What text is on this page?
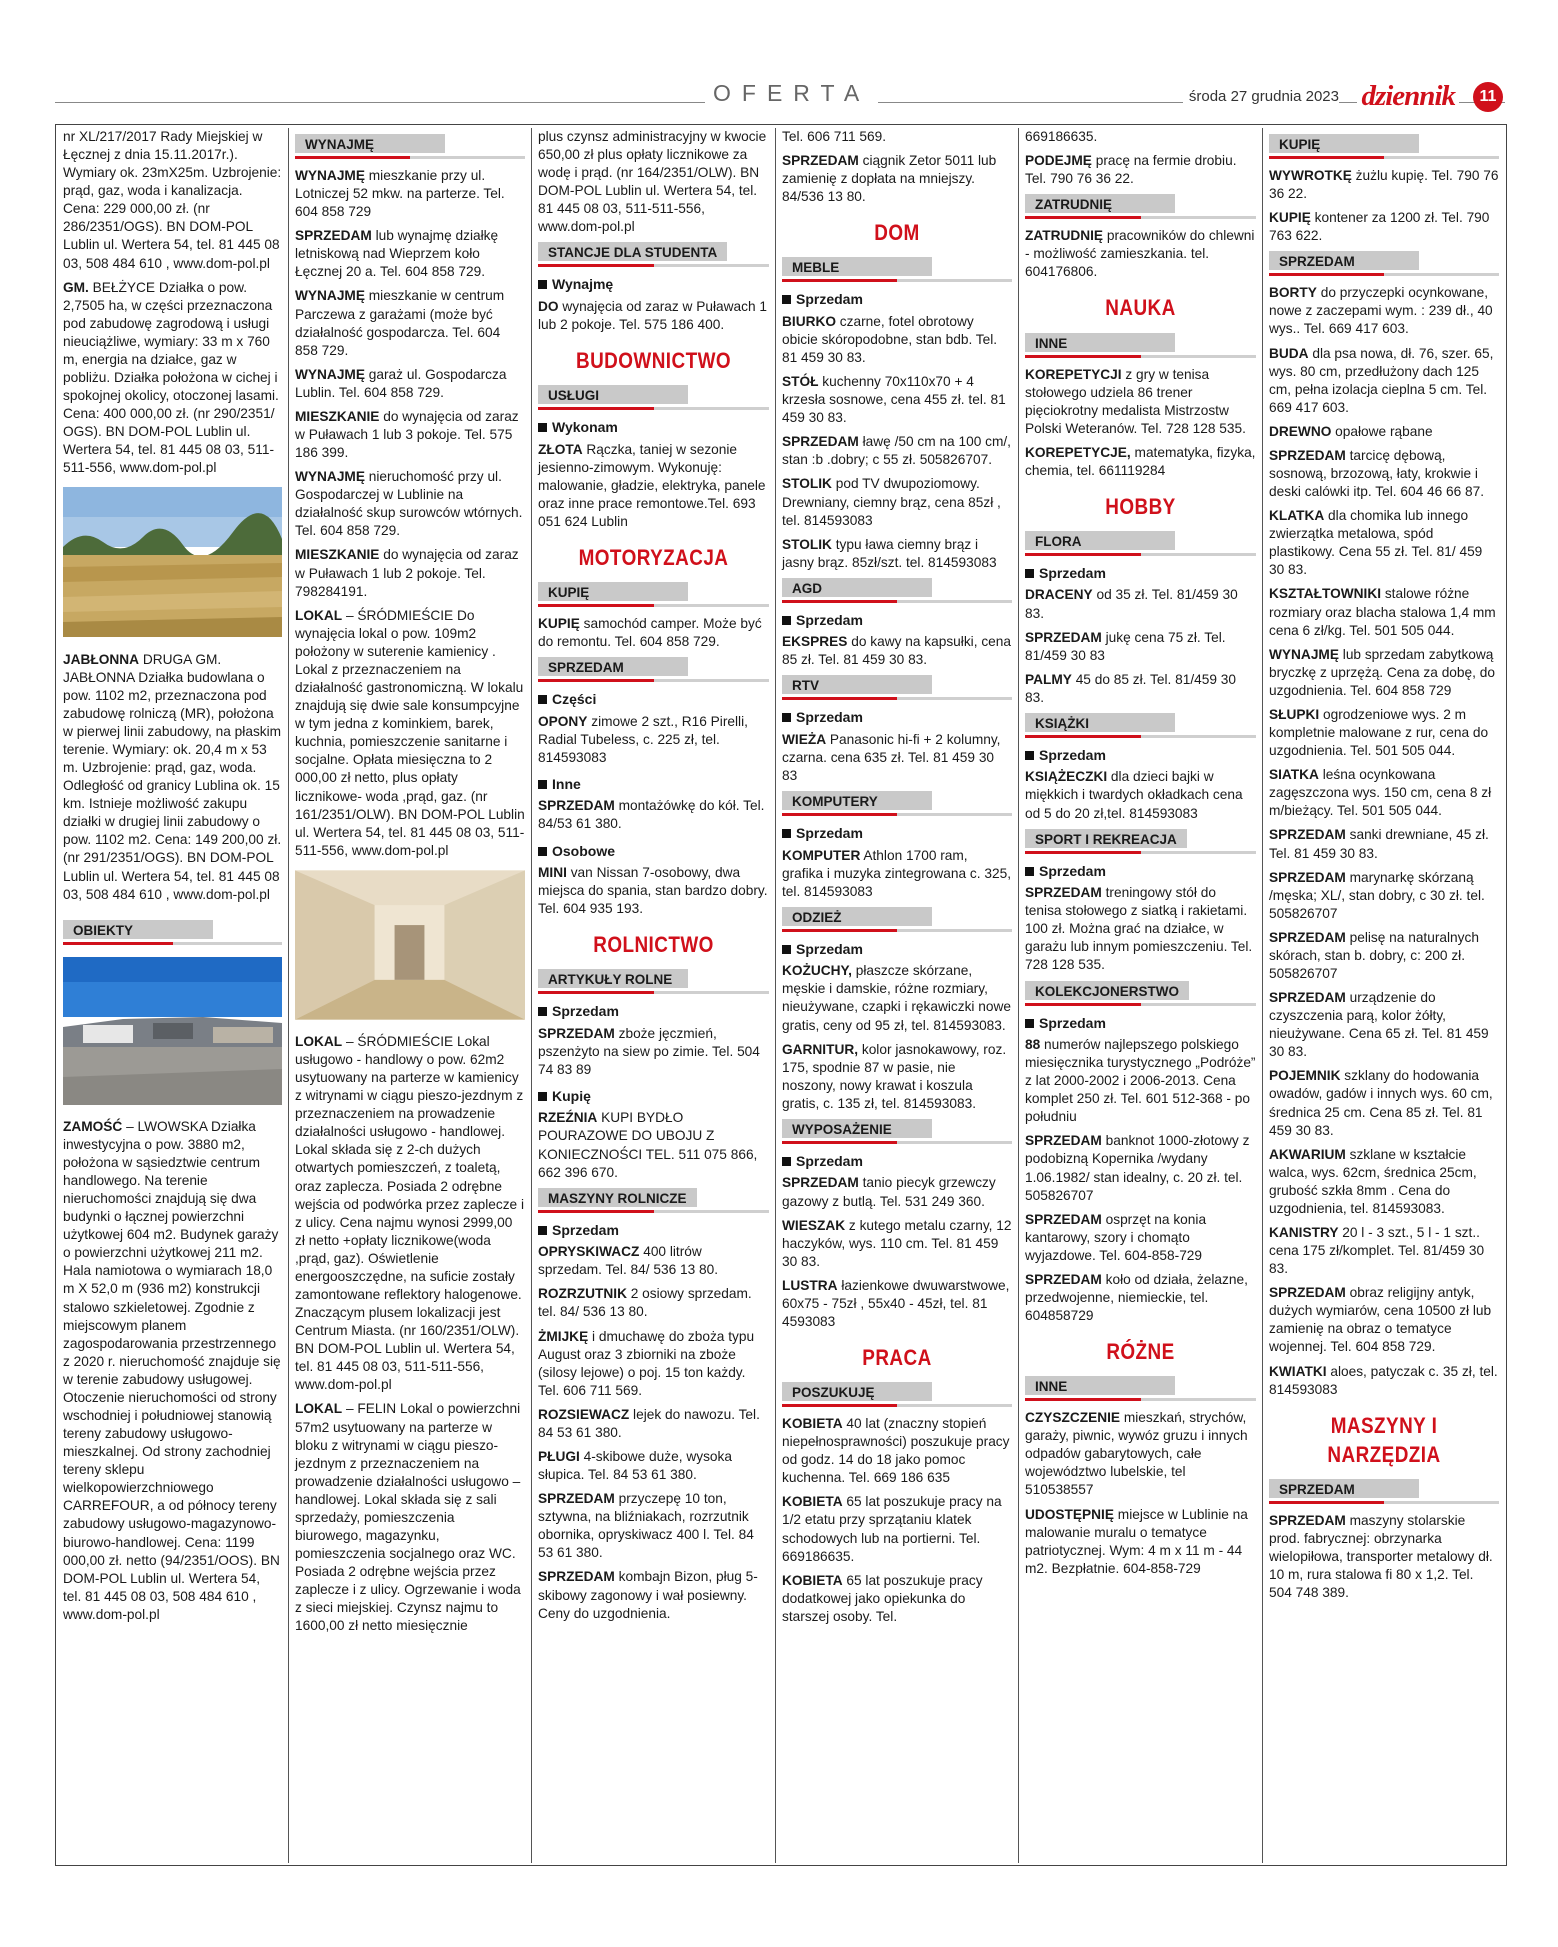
OFERTA	środa 27 grudnia 2023 dziennik	11

nr XL/217/2017 Rady Miejskiej w Łęcznej z dnia 15.11.2017r.). Wymiary ok. 23mX25m. Uzbrojenie: prąd, gaz, woda i kanalizacja. Cena: 229 000,00 zł. (nr 286/2351/OGS). BN DOM-POL Lublin ul. Wertera 54, tel. 81 445 08 03, 508 484 610 , www.dom-pol.pl

GM. BEŁŻYCE Działka o pow. 2,7505 ha, w części przeznaczona pod zabudowę zagrodową i usługi nieuciążliwe, wymiary: 33 m x 760 m, energia na działce, gaz w pobliżu. Działka położona w cichej i spokojnej okolicy, otoczonej lasami. Cena: 400 000,00 zł. (nr 290/2351/ OGS). BN DOM-POL Lublin ul. Wertera 54, tel. 81 445 08 03, 511-511-556, www.dom-pol.pl

JABŁONNA DRUGA GM. JABŁONNA Działka budowlana o pow. 1102 m2, przeznaczona pod zabudowę rolniczą (MR), położona w pierwej linii zabudowy, na płaskim terenie. Wymiary: ok. 20,4 m x 53 m. Uzbrojenie: prąd, gaz, woda. Odległość od granicy Lublina ok. 15 km. Istnieje możliwość zakupu działki w drugiej linii zabudowy o pow. 1102 m2. Cena: 149 200,00 zł. (nr 291/2351/OGS). BN DOM-POL Lublin ul. Wertera 54, tel. 81 445 08 03, 508 484 610 , www.dom-pol.pl

OBIEKTY

ZAMOŚĆ – LWOWSKA Działka inwestycyjna o pow. 3880 m2, położona w sąsiedztwie centrum handlowego. Na terenie nieruchomości znajdują się dwa budynki o łącznej powierzchni użytkowej 604 m2. Budynek garaży o powierzchni użytkowej 211 m2. Hala namiotowa o wymiarach 18,0 m X 52,0 m (936 m2) konstrukcji stalowo szkieletowej. Zgodnie z miejscowym planem zagospodarowania przestrzennego z 2020 r. nieruchomość znajduje się w terenie zabudowy usługowej. Otoczenie nieruchomości od strony wschodniej i południowej stanowią tereny zabudowy usługowo-mieszkalnej. Od strony zachodniej tereny sklepu wielkopowierzchniowego CARREFOUR, a od północy tereny zabudowy usługowo-magazynowo-biurowo-handlowej. Cena: 1199 000,00 zł. netto (94/2351/OOS). BN DOM-POL Lublin ul. Wertera 54, tel. 81 445 08 03, 508 484 610 , www.dom-pol.pl

WYNAJMĘ

WYNAJMĘ mieszkanie przy ul. Lotniczej 52 mkw. na parterze. Tel. 604 858 729

SPRZEDAM lub wynajmę działkę letniskową nad Wieprzem koło Łęcznej 20 a. Tel. 604 858 729.

WYNAJMĘ mieszkanie w centrum Parczewa z garażami (może być działalność gospodarcza. Tel. 604 858 729.

WYNAJMĘ garaż ul. Gospodarcza Lublin. Tel. 604 858 729.

MIESZKANIE do wynajęcia od zaraz w Puławach 1 lub 3 pokoje. Tel. 575 186 399.

WYNAJMĘ nieruchomość przy ul. Gospodarczej w Lublinie na działalność skup surowców wtórnych. Tel. 604 858 729.

MIESZKANIE do wynajęcia od zaraz w Puławach 1 lub 2 pokoje. Tel. 798284191.

LOKAL – ŚRÓDMIEŚCIE Do wynajęcia lokal o pow. 109m2 położony w suterenie kamienicy . Lokal z przeznaczeniem na działalność gastronomiczną. W lokalu znajdują się dwie sale konsumpcyjne w tym jedna z kominkiem, barek, kuchnia, pomieszczenie sanitarne i socjalne. Opłata miesięczna to 2 000,00 zł netto, plus opłaty licznikowe- woda ,prąd, gaz. (nr 161/2351/OLW). BN DOM-POL Lublin ul. Wertera 54, tel. 81 445 08 03, 511-511-556, www.dom-pol.pl

LOKAL – ŚRÓDMIEŚCIE Lokal usługowo - handlowy o pow. 62m2 usytuowany na parterze w kamienicy z witrynami w ciągu pieszo-jezdnym z przeznaczeniem na prowadzenie działalności usługowo - handlowej. Lokal składa się z 2-ch dużych otwartych pomieszczeń, z toaletą, oraz zaplecza. Posiada 2 odrębne wejścia od podwórka przez zaplecze i z ulicy. Cena najmu wynosi 2999,00 zł netto +opłaty licznikowe(woda ,prąd, gaz). Oświetlenie energooszczędne, na suficie zostały zamontowane reflektory halogenowe. Znaczącym plusem lokalizacji jest Centrum Miasta. (nr 160/2351/OLW). BN DOM-POL Lublin ul. Wertera 54, tel. 81 445 08 03, 511-511-556, www.dom-pol.pl

LOKAL – FELIN Lokal o powierzchni 57m2 usytuowany na parterze w bloku z witrynami w ciągu pieszo-jezdnym z przeznaczeniem na prowadzenie działalności usługowo – handlowej. Lokal składa się z sali sprzedaży, pomieszczenia biurowego, magazynku, pomieszczenia socjalnego oraz WC. Posiada 2 odrębne wejścia przez zaplecze i z ulicy. Ogrzewanie i woda z sieci miejskiej. Czynsz najmu to 1600,00 zł netto miesięcznie

plus czynsz administracyjny w kwocie 650,00 zł plus opłaty licznikowe za wodę i prąd. (nr 164/2351/OLW). BN DOM-POL Lublin ul. Wertera 54, tel. 81 445 08 03, 511-511-556, www.dom-pol.pl

STANCJE DLA STUDENTA
Wynajmę

DO wynajęcia od zaraz w Puławach 1 lub 2 pokoje. Tel. 575 186 400.

BUDOWNICTWO
USŁUGI
Wykonam

ZŁOTA Rączka, taniej w sezonie jesienno-zimowym. Wykonuję: malowanie, gładzie, elektryka, panele oraz inne prace remontowe.Tel. 693 051 624 Lublin

MOTORYZACJA
KUPIĘ

KUPIĘ samochód camper. Może być do remontu. Tel. 604 858 729.

SPRZEDAM
Części

OPONY zimowe 2 szt., R16 Pirelli, Radial Tubeless, c. 225 zł, tel. 814593083

Inne

SPRZEDAM montażówkę do kół. Tel. 84/53 61 380.

Osobowe

MINI van Nissan 7-osobowy, dwa miejsca do spania, stan bardzo dobry. Tel. 604 935 193.

ROLNICTWO
ARTYKUŁY ROLNE
Sprzedam

SPRZEDAM zboże jęczmień, pszenżyto na siew po zimie. Tel. 504 74 83 89

Kupię

RZEŹNIA KUPI BYDŁO POURAZOWE DO UBOJU Z KONIECZNOŚCI TEL. 511 075 866, 662 396 670.

MASZYNY ROLNICZE
Sprzedam

OPRYSKIWACZ 400 litrów sprzedam. Tel. 84/ 536 13 80.

ROZRZUTNIK 2 osiowy sprzedam. tel. 84/ 536 13 80.

ŻMIJKĘ i dmuchawę do zboża typu August oraz 3 zbiorniki na zboże (silosy lejowe) o poj. 15 ton każdy. Tel. 606 711 569.

ROZSIEWACZ lejek do nawozu. Tel. 84 53 61 380.

PŁUGI 4-skibowe duże, wysoka słupica. Tel. 84 53 61 380.

SPRZEDAM przyczepę 10 ton, sztywna, na bliźniakach, rozrzutnik obornika, opryskiwacz 400 l. Tel. 84 53 61 380.

SPRZEDAM kombajn Bizon, pług 5-skibowy zagonowy i wał posiewny. Ceny do uzgodnienia.

Tel. 606 711 569.

SPRZEDAM ciągnik Zetor 5011 lub zamienię z dopłata na mniejszy. 84/536 13 80.

DOM
MEBLE
Sprzedam

BIURKO czarne, fotel obrotowy obicie skóropodobne, stan bdb. Tel. 81 459 30 83.

STÓŁ kuchenny 70x110x70 + 4 krzesła sosnowe, cena 455 zł. tel. 81 459 30 83.

SPRZEDAM ławę /50 cm na 100 cm/, stan :b .dobry; c 55 zł. 505826707.

STOLIK pod TV dwupoziomowy. Drewniany, ciemny brąz, cena 85zł , tel. 814593083

STOLIK typu ława ciemny brąz i jasny brąz. 85zł/szt. tel. 814593083

AGD
Sprzedam

EKSPRES do kawy na kapsułki, cena 85 zł. Tel. 81 459 30 83.

RTV
Sprzedam

WIEŻA Panasonic hi-fi + 2 kolumny, czarna. cena 635 zł. Tel. 81 459 30 83

KOMPUTERY
Sprzedam

KOMPUTER Athlon 1700 ram, grafika i muzyka zintegrowana c. 325, tel. 814593083

ODZIEŻ
Sprzedam

KOŻUCHY, płaszcze skórzane, męskie i damskie, różne rozmiary, nieużywane, czapki i rękawiczki nowe gratis, ceny od 95 zł, tel. 814593083.

GARNITUR, kolor jasnokawowy, roz. 175, spodnie 87 w pasie, nie noszony, nowy krawat i koszula gratis, c. 135 zł, tel. 814593083.

WYPOSAŻENIE
Sprzedam

SPRZEDAM tanio piecyk grzewczy gazowy z butlą. Tel. 531 249 360.

WIESZAK z kutego metalu czarny, 12 haczyków, wys. 110 cm. Tel. 81 459 30 83.

LUSTRA łazienkowe dwuwarstwowe, 60x75 - 75zł , 55x40 - 45zł, tel. 81 4593083

PRACA
POSZUKUJĘ

KOBIETA 40 lat (znaczny stopień niepełnosprawności) poszukuje pracy od godz. 14 do 18 jako pomoc kuchenna. Tel. 669 186 635

KOBIETA 65 lat poszukuje pracy na 1/2 etatu przy sprzątaniu klatek schodowych lub na portierni. Tel. 669186635.

KOBIETA 65 lat poszukuje pracy dodatkowej jako opiekunka do starszej osoby. Tel.

669186635.

PODEJMĘ pracę na fermie drobiu. Tel. 790 76 36 22.

ZATRUDNIĘ

ZATRUDNIĘ pracowników do chlewni - możliwość zamieszkania. tel. 604176806.

NAUKA
INNE

KOREPETYCJI z gry w tenisa stołowego udziela 86 trener pięciokrotny medalista Mistrzostw Polski Weteranów. Tel. 728 128 535.

KOREPETYCJE, matematyka, fizyka, chemia, tel. 661119284

HOBBY
FLORA
Sprzedam

DRACENY od 35 zł. Tel. 81/459 30 83.

SPRZEDAM jukę cena 75 zł. Tel. 81/459 30 83

PALMY 45 do 85 zł. Tel. 81/459 30 83.

KSIĄŻKI
Sprzedam

KSIĄŻECZKI dla dzieci bajki w miękkich i twardych okładkach cena od 5 do 20 zł,tel. 814593083

SPORT I REKREACJA
Sprzedam

SPRZEDAM treningowy stół do tenisa stołowego z siatką i rakietami. 100 zł. Można grać na działce, w garażu lub innym pomieszczeniu. Tel. 728 128 535.

KOLEKCJONERSTWO
Sprzedam

88 numerów najlepszego polskiego miesięcznika turystycznego „Podróże” z lat 2000-2002 i 2006-2013. Cena komplet 250 zł. Tel. 601 512-368 - po południu

SPRZEDAM banknot 1000-złotowy z podobizną Kopernika /wydany 1.06.1982/ stan idealny, c. 20 zł. tel. 505826707

SPRZEDAM osprzęt na konia kantarowy, szory i chomąto wyjazdowe. Tel. 604-858-729

SPRZEDAM koło od działa, żelazne, przedwojenne, niemieckie, tel. 604858729

RÓŻNE
INNE

CZYSZCZENIE mieszkań, strychów, garaży, piwnic, wywóz gruzu i innych odpadów gabarytowych, całe województwo lubelskie, tel 510538557

UDOSTĘPNIĘ miejsce w Lublinie na malowanie muralu o tematyce patriotycznej. Wym: 4 m x 11 m - 44 m2. Bezpłatnie. 604-858-729

KUPIĘ

WYWROTKĘ żużlu kupię. Tel. 790 76 36 22.

KUPIĘ kontener za 1200 zł. Tel. 790 763 622.

SPRZEDAM

BORTY do przyczepki ocynkowane, nowe z zaczepami wym. : 239 dł., 40 wys.. Tel. 669 417 603.

BUDA dla psa nowa, dł. 76, szer. 65, wys. 80 cm, przedłużony dach 125 cm, pełna izolacja cieplna 5 cm. Tel. 669 417 603.

DREWNO opałowe rąbane

SPRZEDAM tarcicę dębową, sosnową, brzozową, łaty, krokwie i deski calówki itp. Tel. 604 46 66 87.

KLATKA dla chomika lub innego zwierzątka metalowa, spód plastikowy. Cena 55 zł. Tel. 81/ 459 30 83.

KSZTAŁTOWNIKI stalowe różne rozmiary oraz blacha stalowa 1,4 mm cena 6 zł/kg. Tel. 501 505 044.

WYNAJMĘ lub sprzedam zabytkową bryczkę z uprzężą. Cena za dobę, do uzgodnienia. Tel. 604 858 729

SŁUPKI ogrodzeniowe wys. 2 m kompletnie malowane z rur, cena do uzgodnienia. Tel. 501 505 044.

SIATKA leśna ocynkowana zagęszczona wys. 150 cm, cena 8 zł m/bieżący. Tel. 501 505 044.

SPRZEDAM sanki drewniane, 45 zł. Tel. 81 459 30 83.

SPRZEDAM marynarkę skórzaną /męska; XL/, stan dobry, c 30 zł. tel. 505826707

SPRZEDAM pelisę na naturalnych skórach, stan b. dobry, c: 200 zł. 505826707

SPRZEDAM urządzenie do czyszczenia parą, kolor żółty, nieużywane. Cena 65 zł. Tel. 81 459 30 83.

POJEMNIK szklany do hodowania owadów, gadów i innych wys. 60 cm, średnica 25 cm. Cena 85 zł. Tel. 81 459 30 83.

AKWARIUM szklane w kształcie walca, wys. 62cm, średnica 25cm, grubość szkła 8mm . Cena do uzgodnienia, tel. 814593083.

KANISTRY 20 l - 3 szt., 5 l - 1 szt.. cena 175 zł/komplet. Tel. 81/459 30 83.

SPRZEDAM obraz religijny antyk, dużych wymiarów, cena 10500 zł lub zamienię na obraz o tematyce wojennej. Tel. 604 858 729.

KWIATKI aloes, patyczak c. 35 zł, tel. 814593083

MASZYNY I NARZĘDZIA
SPRZEDAM

SPRZEDAM maszyny stolarskie prod. fabrycznej: obrzynarka wielopiłowa, transporter metalowy dł. 10 m, rura stalowa fi 80 x 1,2. Tel. 504 748 389.
